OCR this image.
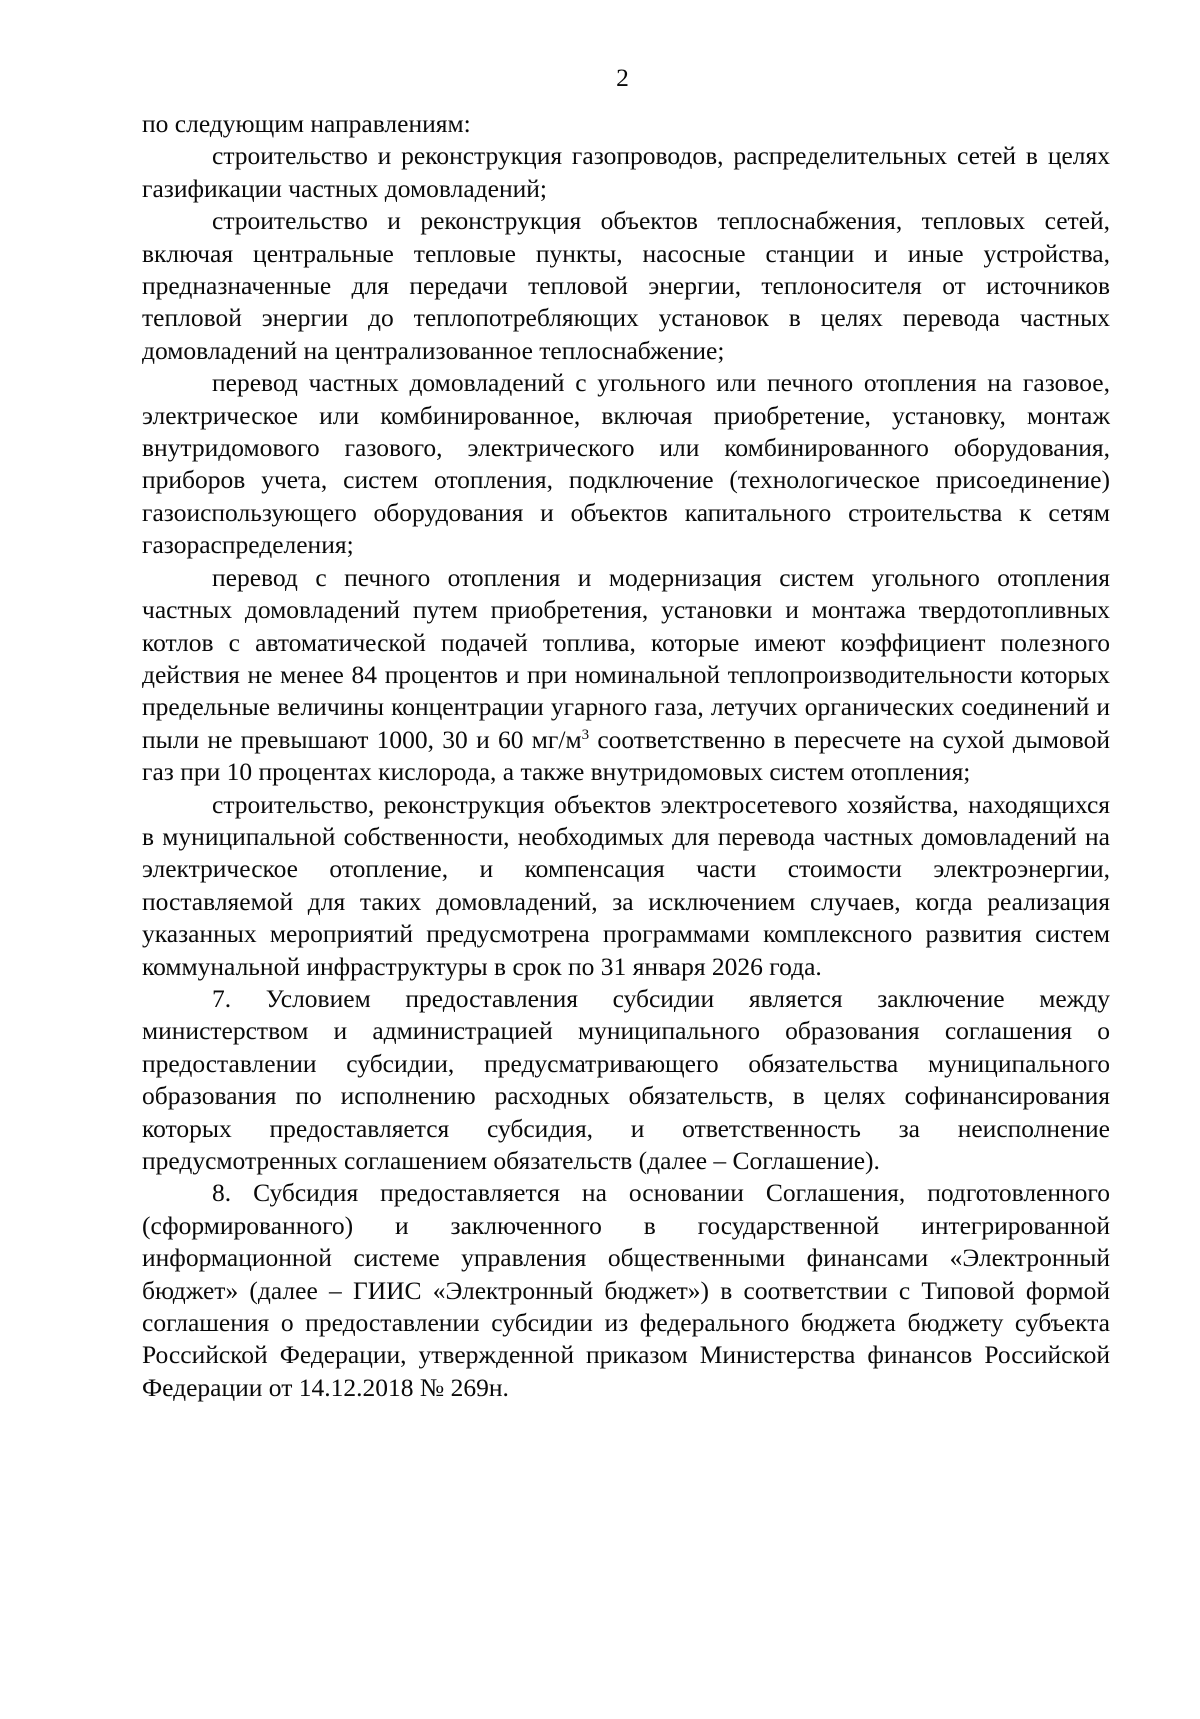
2

по следующим направлениям:

строительство и реконструкция газопроводов, распределительных сетей в целях газификации частных домовладений;

строительство и реконструкция объектов теплоснабжения, тепловых сетей, включая центральные тепловые пункты, насосные станции и иные устройства, предназначенные для передачи тепловой энергии, теплоносителя от источников тепловой энергии до теплопотребляющих установок в целях перевода частных домовладений на централизованное теплоснабжение;

перевод частных домовладений с угольного или печного отопления на газовое, электрическое или комбинированное, включая приобретение, установку, монтаж внутридомового газового, электрического или комбинированного оборудования, приборов учета, систем отопления, подключение (технологическое присоединение) газоиспользующего оборудования и объектов капитального строительства к сетям газораспределения;

перевод с печного отопления и модернизация систем угольного отопления частных домовладений путем приобретения, установки и монтажа твердотопливных котлов с автоматической подачей топлива, которые имеют коэффициент полезного действия не менее 84 процентов и при номинальной теплопроизводительности которых предельные величины концентрации угарного газа, летучих органических соединений и пыли не превышают 1000, 30 и 60 $мг/м^3$ соответственно в пересчете на сухой дымовой газ при 10 процентах кислорода, а также внутридомовых систем отопления;

строительство, реконструкция объектов электросетевого хозяйства, находящихся в муниципальной собственности, необходимых для перевода частных домовладений на электрическое отопление, и компенсация части стоимости электроэнергии, поставляемой для таких домовладений, за исключением случаев, когда реализация указанных мероприятий предусмотрена программами комплексного развития систем коммунальной инфраструктуры в срок по 31 января 2026 года.

7. Условием предоставления субсидии является заключение между министерством и администрацией муниципального образования соглашения о предоставлении субсидии, предусматривающего обязательства муниципального образования по исполнению расходных обязательств, в целях софинансирования которых предоставляется субсидия, и ответственность за неисполнение предусмотренных соглашением обязательств (далее – Соглашение).

8. Субсидия предоставляется на основании Соглашения, подготовленного (сформированного) и заключенного в государственной интегрированной информационной системе управления общественными финансами «Электронный бюджет» (далее – ГИИС «Электронный бюджет») в соответствии с Типовой формой соглашения о предоставлении субсидии из федерального бюджета бюджету субъекта Российской Федерации, утвержденной приказом Министерства финансов Российской Федерации от 14.12.2018 № 269н.
